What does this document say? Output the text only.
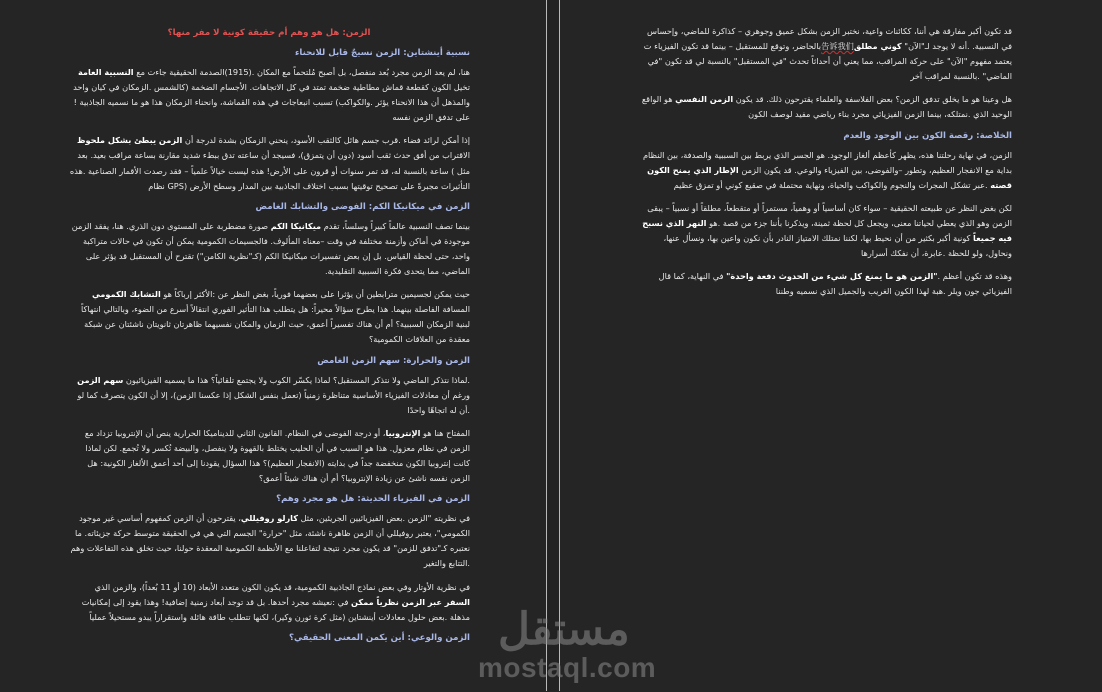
الزمن: هل هو وهم أم حقيقة كونية لا مفر منها؟
نسبية أينشتاين: الزمن نسيجٌ قابل للانحناء

هنا، لم يعد الزمن مجرد بُعد منفصل، بل أصبح مُلتحماً مع المكان .(1915)الصدمة الحقيقية جاءت مع النسبية العامة تخيل الكون كقطعة قماش مطاطية ضخمة تمتد في كل الاتجاهات. الأجسام الضخمة (كالشمس .الزمكان في كيان واحد والمذهل أن هذا الانحناء يؤثر .والكواكب) تسبب انبعاجات في هذه القماشة، وانحناء الزمكان هذا هو ما نسميه الجاذبية !على تدفق الزمن نفسه

إذا أمكن لرائد فضاء .قرب جسم هائل كالثقب الأسود، ينحني الزمكان بشدة لدرجة أن الزمن يبطئ بشكل ملحوظ الاقتراب من أفق حدث ثقب أسود (دون أن يتمزق)، فسيجد أن ساعته تدق ببطء شديد مقارنة بساعة مراقب بعيد. بعد مثل ) ساعة بالنسبة له، قد تمر سنوات أو قرون على الأرض! هذه ليست خيالاً علمياً – فقد رصدت الأقمار الصناعية .هذه التأثيرات مجبرةً على تصحيح توقيتها بسبب اختلاف الجاذبية بين المدار وسطح الأرض (GPS نظام

الزمن في ميكانيكا الكم: الفوضى والتشابك الغامض

بينما تصف النسبية عالماً كبيراً وسلساً، تقدم ميكانيكا الكم صورة مضطربة على المستوى دون الذري. هنا، يفقد الزمن موجودة في أماكن وأزمنة مختلفة في وقت –معناه المألوف. فالجسيمات الكمومية يمكن أن تكون في حالات متراكبة واحد، حتى لحظة القياس. بل إن بعض تفسيرات ميكانيكا الكم (كـ"نظرية الكامن") تقترح أن المستقبل قد يؤثر على الماضي، مما يتحدى فكرة السببية التقليدية.

حيث يمكن لجسيمين مترابطين أن يؤثرا على بعضهما فورياً، بغض النظر عن :الأكثر إرباكاً هو التشابك الكمومي المسافة الفاصلة بينهما. هذا يطرح سؤالاً محيراً: هل يتطلب هذا التأثير الفوري انتقالاً أسرع من الضوء، وبالتالي انتهاكاً لبنية الزمكان السببية؟ أم أن هناك تفسيراً أعمق، حيث الزمان والمكان نفسيهما ظاهرتان ثانويتان ناشئتان عن شبكة معقدة من العلاقات الكمومية؟

الزمن والحرارة: سهم الزمن الغامض

.لماذا نتذكر الماضي ولا نتذكر المستقبل؟ لماذا يكسّر الكوب ولا يجتمع تلقائياً؟ هذا ما يسميه الفيزيائيون سهم الزمن ورغم أن معادلات الفيزياء الأساسية متناظرة زمنياً (تعمل بنفس الشكل إذا عكسنا الزمن)، إلا أن الكون يتصرف كما لو .أن له اتجاهًا واحدًا

المفتاح هنا هو الإنتروبيا، أو درجة الفوضى في النظام. القانون الثاني للديناميكا الحرارية ينص أن الإنتروبيا تزداد مع الزمن في نظام معزول. هذا هو السبب في أن الحليب يختلط بالقهوة ولا ينفصل، والبيضة تُكسر ولا تُجمع. لكن لماذا كانت إنتروبيا الكون منخفضة جداً في بدايته (الانفجار العظيم)؟ هذا السؤال يقودنا إلى أحد أعمق الألغاز الكونية: هل الزمن نفسه ناشئ عن زيادة الإنتروبيا؟ أم أن هناك شيئاً أعمق؟

الزمن في الفيزياء الحديثة: هل هو مجرد وهم؟

في نظريته "الزمن .بعض الفيزيائيين الجريئين، مثل كارلو روفيللي، يقترحون أن الزمن كمفهوم أساسي غير موجود الكمومي"، يعتبر روفيللي أن الزمن ظاهرة ناشئة، مثل "حرارة" الجسم التي هي في الحقيقة متوسط حركة جزيئاته. ما نعتبره كـ"تدفق للزمن" قد يكون مجرد نتيجة لتفاعلنا مع الأنظمة الكمومية المعقدة حولنا، حيث تخلق هذه التفاعلات وهم .التتابع والتغير

في نظرية الأوتار وفي بعض نماذج الجاذبية الكمومية، قد يكون الكون متعدد الأبعاد (10 أو 11 بُعداً)، والزمن الذي السفر عبر الزمن نظرياً ممكن في :نعيشه مجرد أحدها. بل قد توجد أبعاد زمنية إضافية! وهذا يقود إلى إمكانيات مذهلة .بعض حلول معادلات أينشتاين (مثل كرة ثورن وكير)، لكنها تتطلب طاقة هائلة واستقراراً يبدو مستحيلاً عملياً

الزمن والوعي: أين يكمن المعنى الحقيقي؟

قد تكون أكبر مفارقة هي أننا، ككائنات واعية، نختبر الزمن بشكل عميق وجوهري – كذاكرة للماضي، وإحساس في النسبية. .أنه لا يوجد لـ"الآن" كوني مطلق告诉我们بالحاضر، وتوقع للمستقبل – بينما قد تكون الفيزياء ت يعتمد مفهوم "الآن" على حركة المراقب، مما يعني أن أحداثاً تحدث "في المستقبل" بالنسبة لي قد تكون "في الماضي" .بالنسبة لمراقب آخر

هل وعينا هو ما يخلق تدفق الزمن؟ بعض الفلاسفة والعلماء يقترحون ذلك. قد يكون الزمن النفسي هو الواقع الوحيد الذي .نمتلكه، بينما الزمن الفيزيائي مجرد بناء رياضي مفيد لوصف الكون

الخلاصة: رقصة الكون بين الوجود والعدم

الزمن، في نهاية رحلتنا هذه، يظهر كأعظم ألغاز الوجود. هو الجسر الذي يربط بين السببية والصدفة، بين النظام بداية مع الانفجار العظيم، وتطور –والفوضى، بين الفيزياء والوعي. قد يكون الزمن الإطار الذي يمنح الكون قصته .عبر تشكل المجرات والنجوم والكواكب والحياة، ونهاية محتملة في صقيع كوني أو تمزق عظيم

لكن بغض النظر عن طبيعته الحقيقية – سواء كان أساسياً أو وهمياً، مستمراً أو متقطعاً، مطلقاً أو نسبياً – يبقى الزمن وهو الذي يعطي لحياتنا معنى، ويجعل كل لحظة ثمينة، ويذكرنا بأننا جزء من قصة .هو النهر الذي نسبح فيه جميعاً كونية أكبر بكثير من أن نحيط بها، لكننا نمتلك الامتياز النادر بأن نكون واعين بها، ونسأل عنها، ونحاول، ولو للحظة .عابرة، أن نفكك أسرارها

وهذه قد تكون أعظم ."الزمن هو ما يمنع كل شيء من الحدوث دفعة واحدة" في النهاية، كما قال الفيزيائي جون ويلر .هبة لهذا الكون الغريب والجميل الذي نسميه وطننا

مستقل
mostaql.com
